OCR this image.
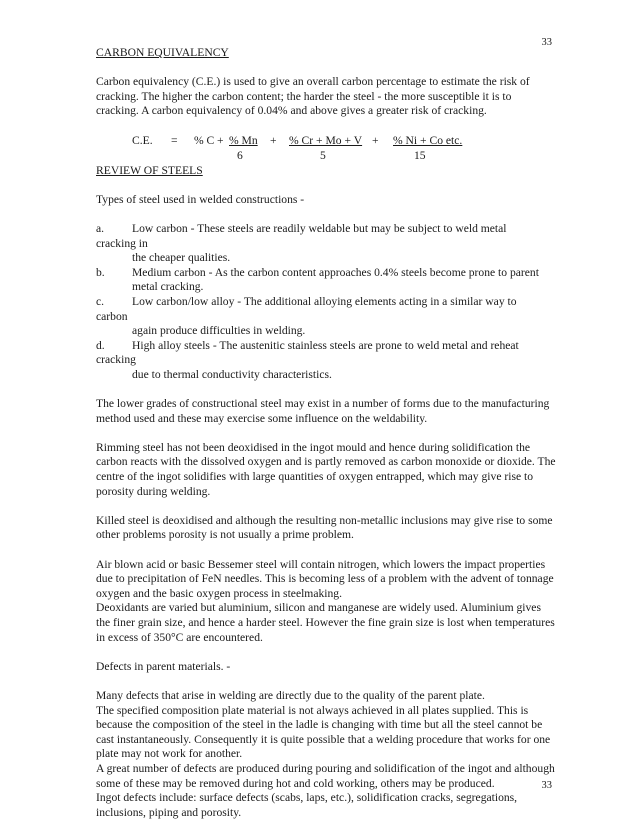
33

CARBON EQUIVALENCY

Carbon equivalency (C.E.) is used to give an overall carbon percentage to estimate the risk of cracking. The higher the carbon content; the harder the steel - the more susceptible it is to cracking. A carbon equivalency of 0.04% and above gives a greater risk of cracking.

C.E. = % C + % Mn + % Cr + Mo + V + % Ni + Co etc.
6	5	15

REVIEW OF STEELS

Types of steel used in welded constructions -

a.	Low carbon - These steels are readily weldable but may be subject to weld metal
cracking in
the cheaper qualities.
b.	Medium carbon - As the carbon content approaches 0.4% steels become prone to parent
metal cracking.
c.	Low carbon/low alloy - The additional alloying elements acting in a similar way to
carbon
again produce difficulties in welding.
d.	High alloy steels - The austenitic stainless steels are prone to weld metal and reheat
cracking
due to thermal conductivity characteristics.

The lower grades of constructional steel may exist in a number of forms due to the manufacturing method used and these may exercise some influence on the weldability.

Rimming steel has not been deoxidised in the ingot mould and hence during solidification the carbon reacts with the dissolved oxygen and is partly removed as carbon monoxide or dioxide. The centre of the ingot solidifies with large quantities of oxygen entrapped, which may give rise to porosity during welding.

Killed steel is deoxidised and although the resulting non-metallic inclusions may give rise to some other problems porosity is not usually a prime problem.

Air blown acid or basic Bessemer steel will contain nitrogen, which lowers the impact properties due to precipitation of FeN needles. This is becoming less of a problem with the advent of tonnage oxygen and the basic oxygen process in steelmaking.

Deoxidants are varied but aluminium, silicon and manganese are widely used. Aluminium gives the finer grain size, and hence a harder steel. However the fine grain size is lost when temperatures in excess of 350°C are encountered.

Defects in parent materials. -

Many defects that arise in welding are directly due to the quality of the parent plate.

The specified composition plate material is not always achieved in all plates supplied. This is because the composition of the steel in the ladle is changing with time but all the steel cannot be cast instantaneously. Consequently it is quite possible that a welding procedure that works for one plate may not work for another.

A great number of defects are produced during pouring and solidification of the ingot and although some of these may be removed during hot and cold working, others may be produced.

Ingot defects include: surface defects (scabs, laps, etc.), solidification cracks, segregations, inclusions, piping and porosity.

33
